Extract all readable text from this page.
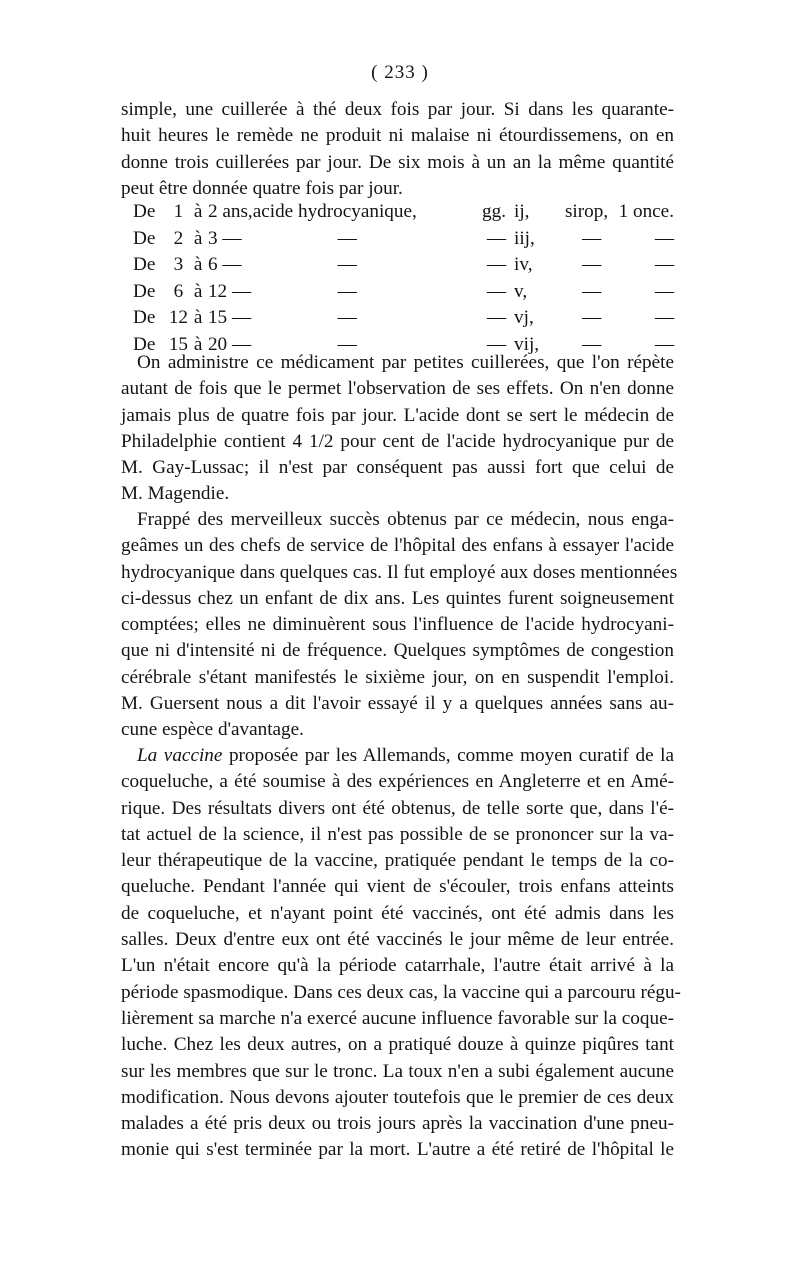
( 233 )
simple, une cuillerée à thé deux fois par jour. Si dans les quarante-
huit heures le remède ne produit ni malaise ni étourdissemens, on en
donne trois cuillerées par jour. De six mois à un an la même quantité
peut être donnée quatre fois par jour.
De	1	à	2 ans,	acide hydrocyanique,	gg.	ij,	sirop,	1 once.
De	2	à	3 —	—	—	iij,	—	—
De	3	à	6 —	—	—	iv,	—	—
De	6	à	12 —	—	—	v,	—	—
De	12	à	15 —	—	—	vj,	—	—
De	15	à	20 —	—	—	vij,	—	—
On administre ce médicament par petites cuillerées, que l'on répète
autant de fois que le permet l'observation de ses effets. On n'en donne
jamais plus de quatre fois par jour. L'acide dont se sert le médecin de
Philadelphie contient 4 1/2 pour cent de l'acide hydrocyanique pur de
M. Gay-Lussac; il n'est par conséquent pas aussi fort que celui de
M. Magendie.
Frappé des merveilleux succès obtenus par ce médecin, nous enga-
geâmes un des chefs de service de l'hôpital des enfans à essayer l'acide
hydrocyanique dans quelques cas. Il fut employé aux doses mentionnées
ci-dessus chez un enfant de dix ans. Les quintes furent soigneusement
comptées; elles ne diminuèrent sous l'influence de l'acide hydrocyani-
que ni d'intensité ni de fréquence. Quelques symptômes de congestion
cérébrale s'étant manifestés le sixième jour, on en suspendit l'emploi.
M. Guersent nous a dit l'avoir essayé il y a quelques années sans au-
cune espèce d'avantage.
La vaccine proposée par les Allemands, comme moyen curatif de la
coqueluche, a été soumise à des expériences en Angleterre et en Amé-
rique. Des résultats divers ont été obtenus, de telle sorte que, dans l'é-
tat actuel de la science, il n'est pas possible de se prononcer sur la va-
leur thérapeutique de la vaccine, pratiquée pendant le temps de la co-
queluche. Pendant l'année qui vient de s'écouler, trois enfans atteints
de coqueluche, et n'ayant point été vaccinés, ont été admis dans les
salles. Deux d'entre eux ont été vaccinés le jour même de leur entrée.
L'un n'était encore qu'à la période catarrhale, l'autre était arrivé à la
période spasmodique. Dans ces deux cas, la vaccine qui a parcouru régu-
lièrement sa marche n'a exercé aucune influence favorable sur la coque-
luche. Chez les deux autres, on a pratiqué douze à quinze piqûres tant
sur les membres que sur le tronc. La toux n'en a subi également aucune
modification. Nous devons ajouter toutefois que le premier de ces deux
malades a été pris deux ou trois jours après la vaccination d'une pneu-
monie qui s'est terminée par la mort. L'autre a été retiré de l'hôpital le
